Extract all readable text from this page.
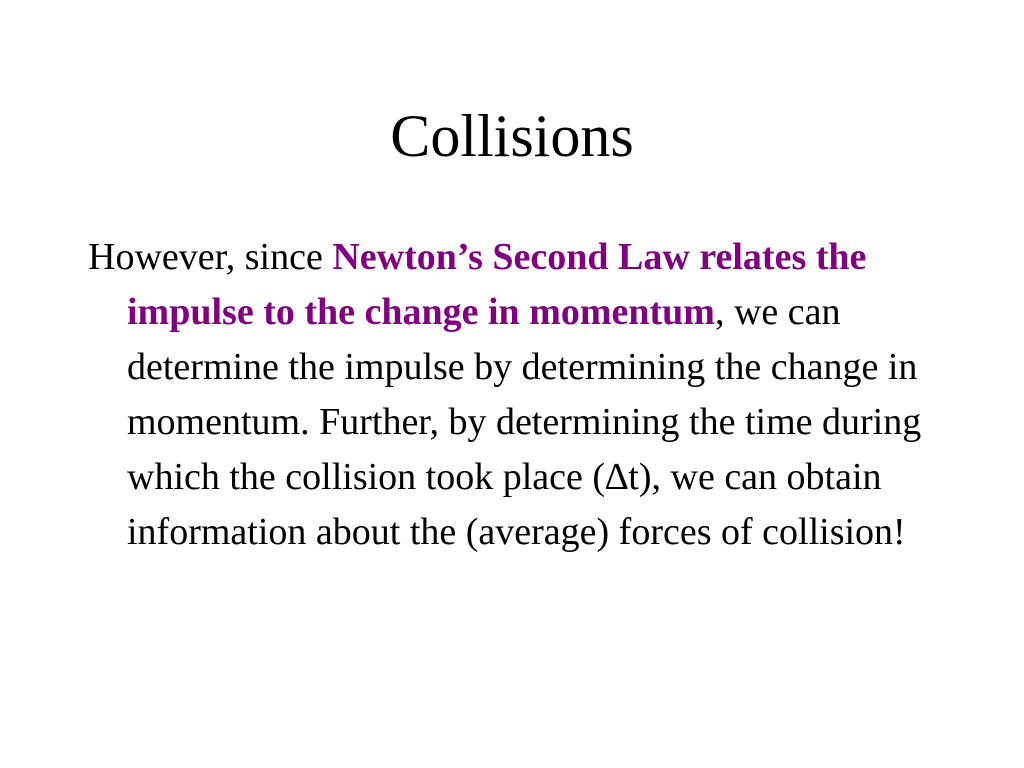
Collisions

However, since Newton’s Second Law relates the impulse to the change in momentum, we can determine the impulse by determining the change in momentum. Further, by determining the time during which the collision took place (∆t), we can obtain information about the (average) forces of collision!
